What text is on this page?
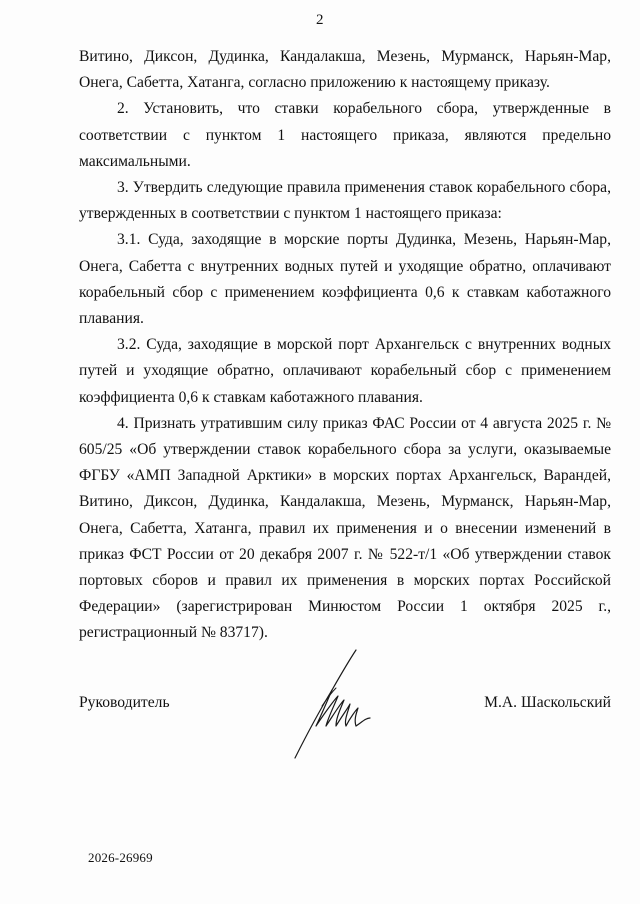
2

Витино, Диксон, Дудинка, Кандалакша, Мезень, Мурманск, Нарьян-Мар, Онега, Сабетта, Хатанга, согласно приложению к настоящему приказу.

2. Установить, что ставки корабельного сбора, утвержденные в соответствии с пунктом 1 настоящего приказа, являются предельно максимальными.

3. Утвердить следующие правила применения ставок корабельного сбора, утвержденных в соответствии с пунктом 1 настоящего приказа:

3.1. Суда, заходящие в морские порты Дудинка, Мезень, Нарьян-Мар, Онега, Сабетта с внутренних водных путей и уходящие обратно, оплачивают корабельный сбор с применением коэффициента 0,6 к ставкам каботажного плавания.

3.2. Суда, заходящие в морской порт Архангельск с внутренних водных путей и уходящие обратно, оплачивают корабельный сбор с применением коэффициента 0,6 к ставкам каботажного плавания.

4. Признать утратившим силу приказ ФАС России от 4 августа 2025 г. № 605/25 «Об утверждении ставок корабельного сбора за услуги, оказываемые ФГБУ «АМП Западной Арктики» в морских портах Архангельск, Варандей, Витино, Диксон, Дудинка, Кандалакша, Мезень, Мурманск, Нарьян-Мар, Онега, Сабетта, Хатанга, правил их применения и о внесении изменений в приказ ФСТ России от 20 декабря 2007 г. № 522-т/1 «Об утверждении ставок портовых сборов и правил их применения в морских портах Российской Федерации» (зарегистрирован Минюстом России 1 октября 2025 г., регистрационный № 83717).

Руководитель	М.А. Шаскольский
2026-26969
